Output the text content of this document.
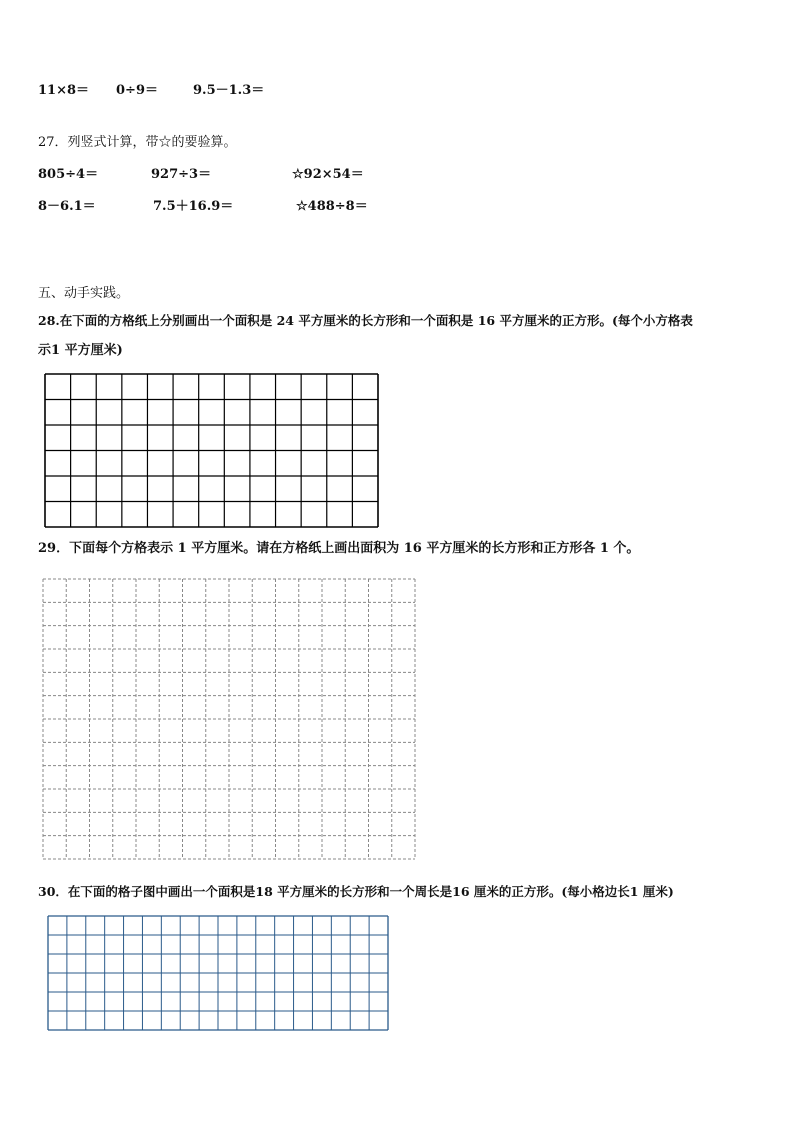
11×8＝ 0÷9＝	9.5－1.3＝
27．列竖式计算，带☆的要验算。
805÷4＝	927÷3＝	☆92×54＝
8－6.1＝	7.5＋16.9＝	☆488÷8＝
五、动手实践。
28.在下面的方格纸上分别画出一个面积是 24 平方厘米的长方形和一个面积是 16 平方厘米的正方形。(每个小方格表
示1 平方厘米)
29．下面每个方格表示 1 平方厘米。请在方格纸上画出面积为 16 平方厘米的长方形和正方形各 1 个。
30．在下面的格子图中画出一个面积是18 平方厘米的长方形和一个周长是16 厘米的正方形。(每小格边长1 厘米)
